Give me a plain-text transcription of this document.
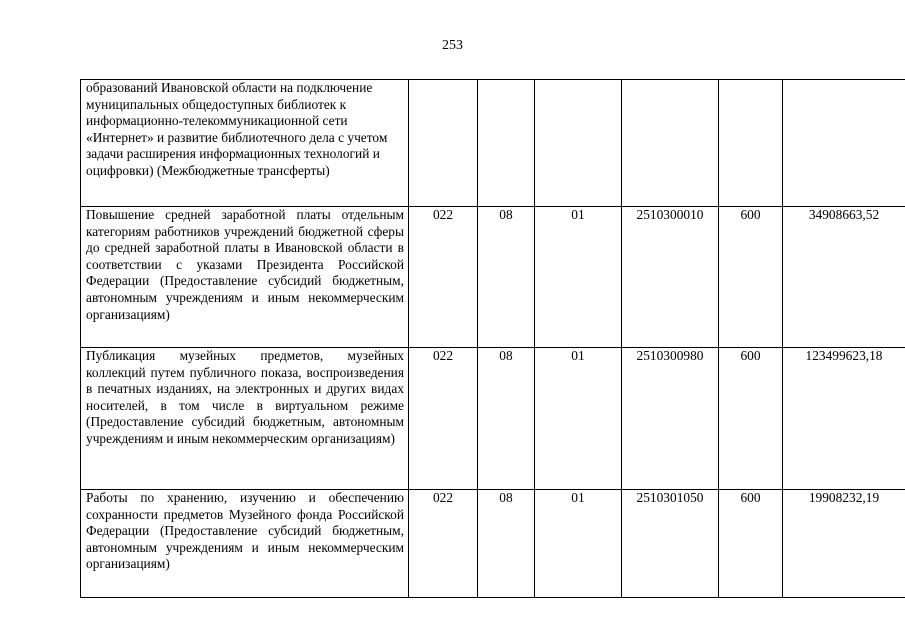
253
образований Ивановской области на подключение муниципальных общедоступных библиотек к информационно-телекоммуникационной сети «Интернет» и развитие библиотечного дела с учетом задачи расширения информационных технологий и оцифровки) (Межбюджетные трансферты)						
Повышение средней заработной платы отдельным категориям работников учреждений бюджетной сферы до средней заработной платы в Ивановской области в соответствии с указами Президента Российской Федерации (Предоставление субсидий бюджетным, автономным учреждениям и иным некоммерческим организациям)	022	08	01	2510300010	600	34908663,52
Публикация музейных предметов, музейных коллекций путем публичного показа, воспроизведения в печатных изданиях, на электронных и других видах носителей, в том числе в виртуальном режиме (Предоставление субсидий бюджетным, автономным учреждениям и иным некоммерческим организациям)	022	08	01	2510300980	600	123499623,18
Работы по хранению, изучению и обеспечению сохранности предметов Музейного фонда Российской Федерации (Предоставление субсидий бюджетным, автономным учреждениям и иным некоммерческим организациям)	022	08	01	2510301050	600	19908232,19
